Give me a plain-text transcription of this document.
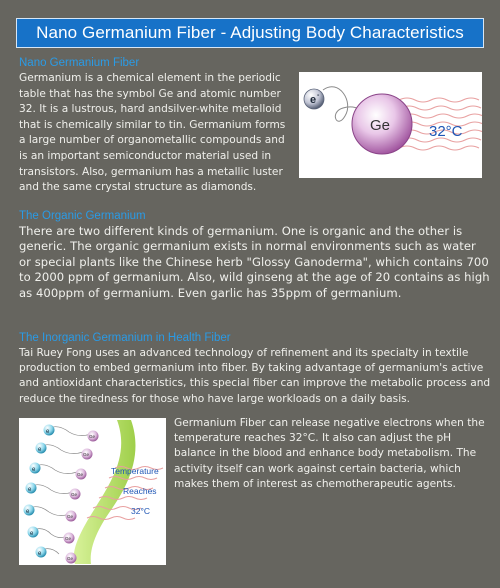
Nano Germanium Fiber - Adjusting Body Characteristics
Nano Germanium Fiber
Germanium is a chemical element in the periodic table that has the symbol Ge and atomic number 32. It is a lustrous, hard andsilver-white metalloid that is chemically similar to tin. Germanium forms a large number of organometallic compounds and is an important semiconductor material used in transistors. Also, germanium has a metallic luster and the same crystal structure as diamonds.
e -
Ge	32°C
The Organic Germanium
There are two different kinds of germanium. One is organic and the other is generic. The organic germanium exists in normal environments such as water or special plants like the Chinese herb "Glossy Ganoderma", which contains 700 to 2000 ppm of germanium. Also, wild ginseng at the age of 20 contains as high as 400ppm of germanium. Even garlic has 35ppm of germanium.
The Inorganic Germanium in Health Fiber
Tai Ruey Fong uses an advanced technology of refinement and its specialty in textile production to embed germanium into fiber. By taking advantage of germanium's active and antioxidant characteristics, this special fiber can improve the metabolic process and reduce the tiredness for those who have large workloads on a daily basis.
e
Ge
e
Ge
e
Ge
e
Ge
e
Ge
e
Ge
e
Ge
Temperature
Reaches
32°C
Germanium Fiber can release negative electrons when the temperature reaches 32°C. It also can adjust the pH balance in the blood and enhance body metabolism. The activity itself can work against certain bacteria, which makes them of interest as chemotherapeutic agents.
